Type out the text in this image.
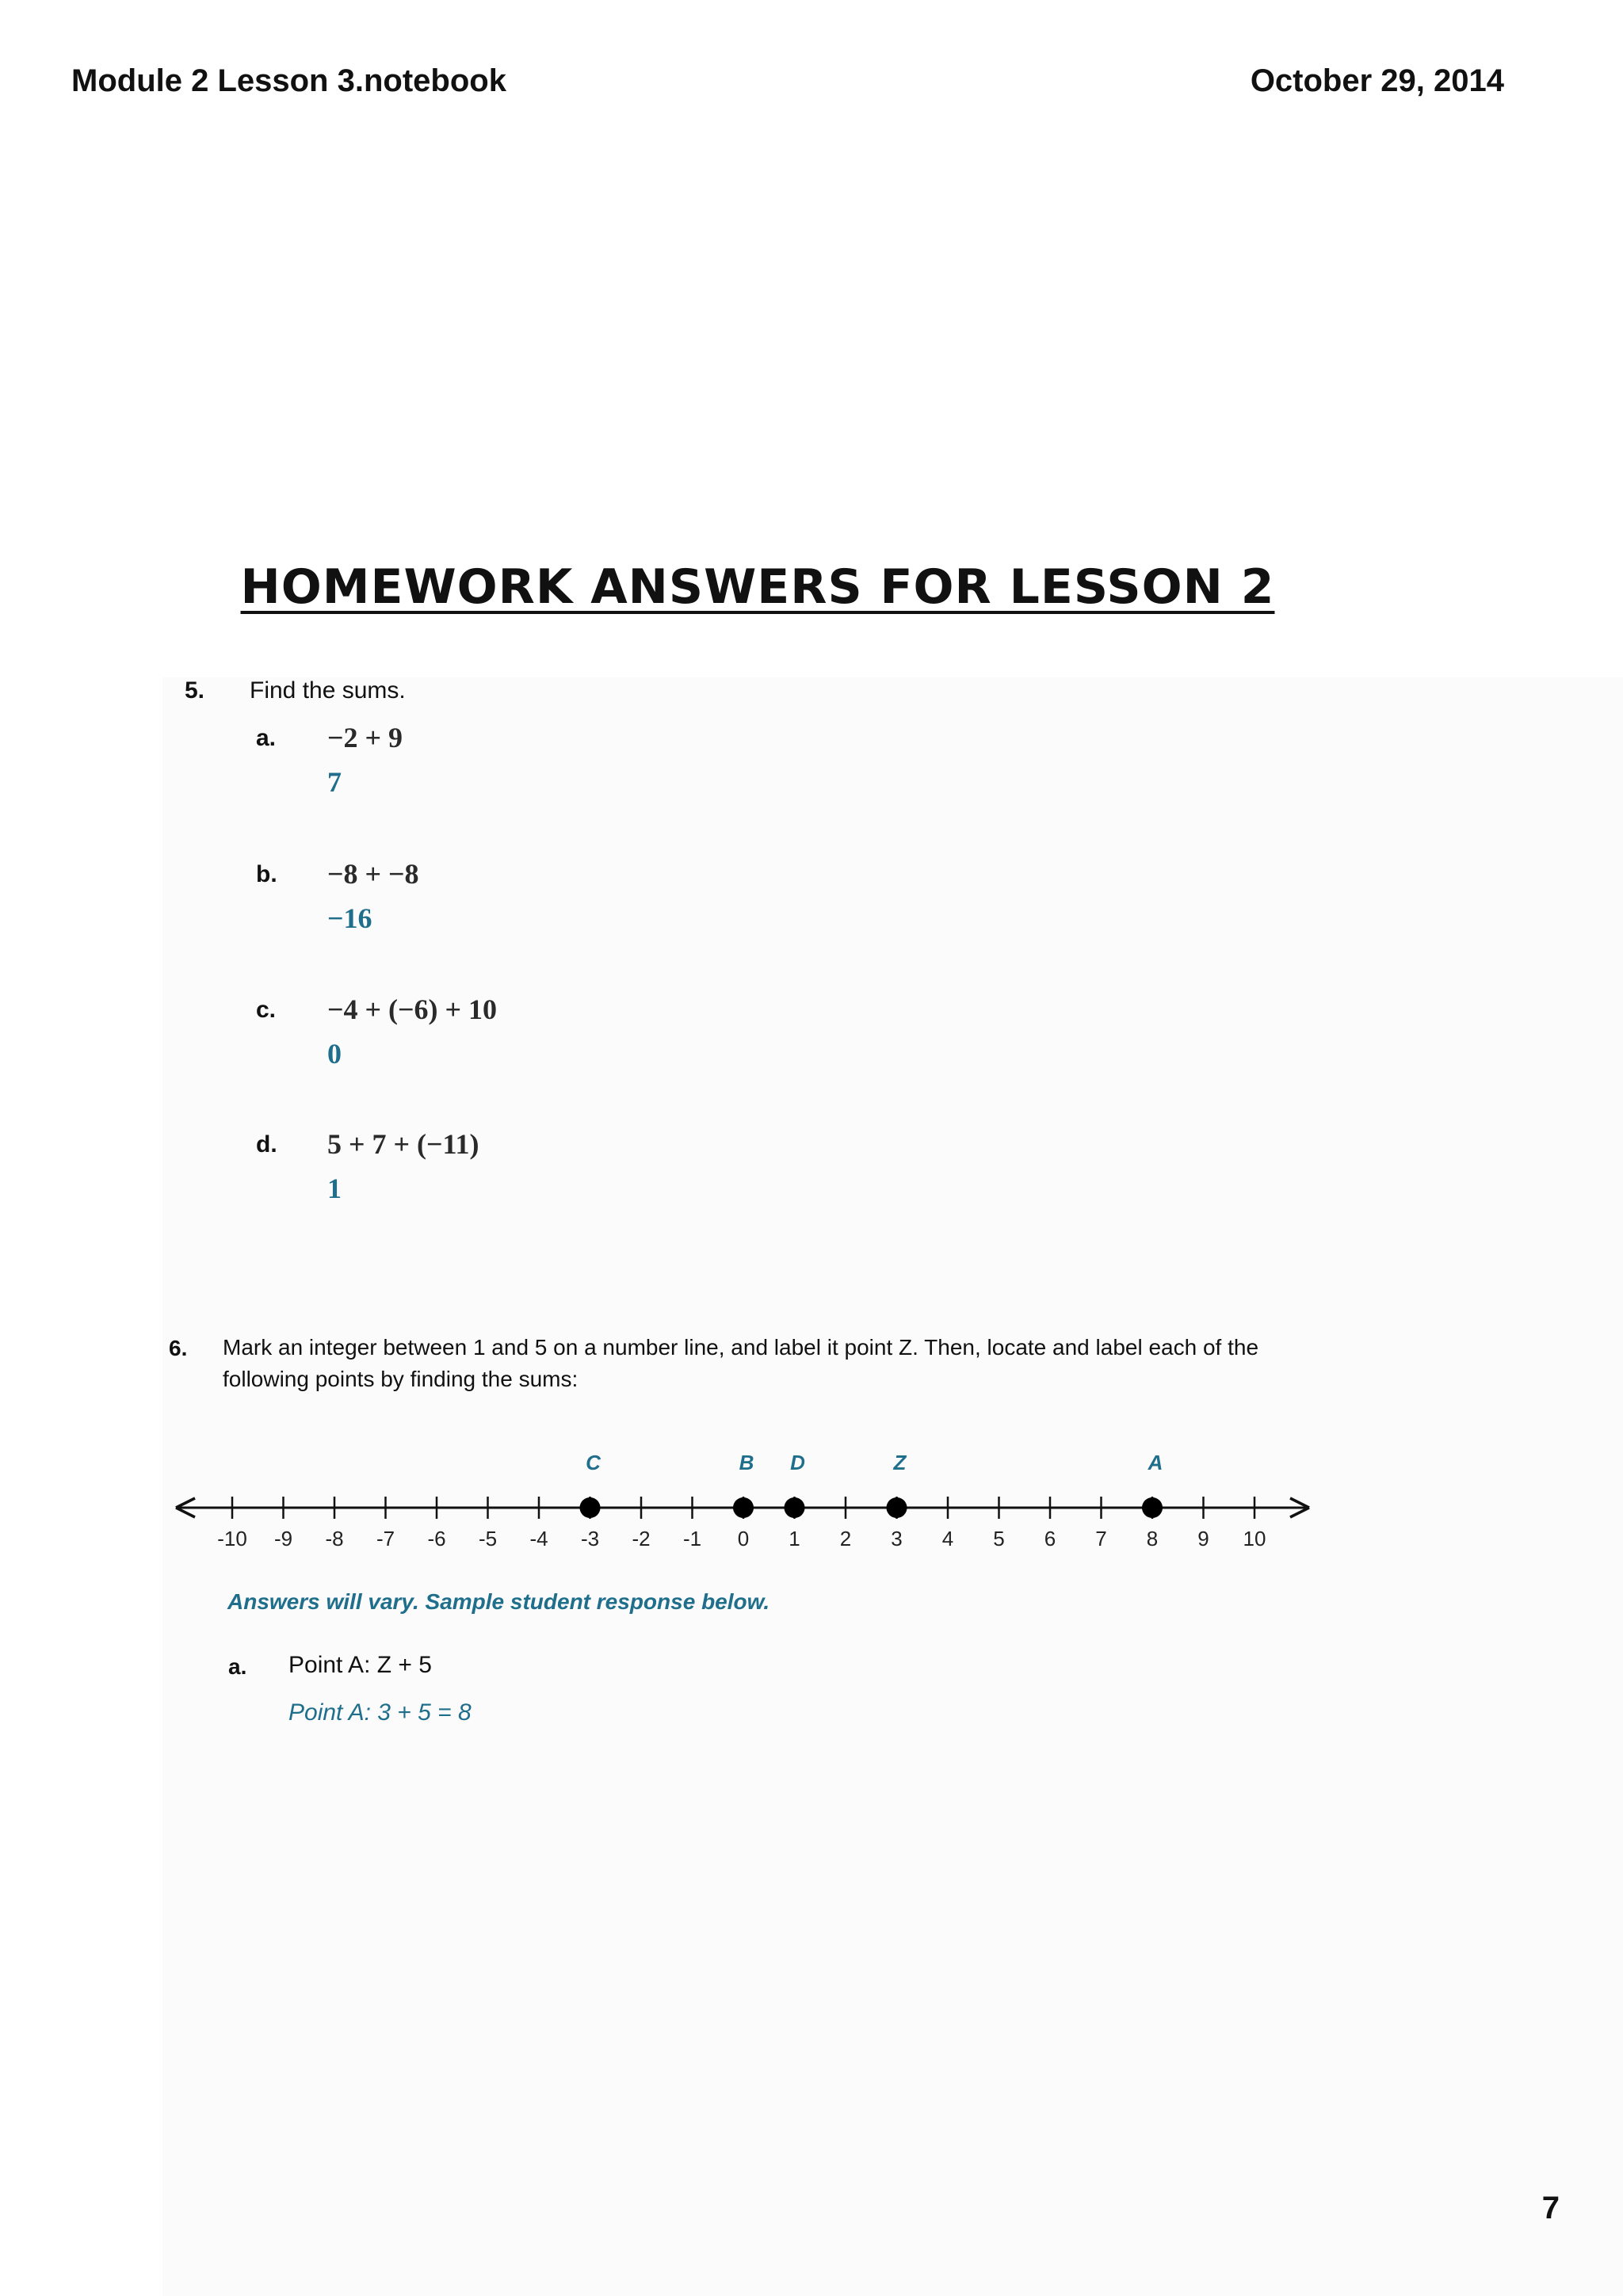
Module 2 Lesson 3.notebook	October 29, 2014
HOMEWORK ANSWERS FOR LESSON 2
5. Find the sums.
a. −2 + 9
7
b. −8 + −8
−16
c. −4 + (−6) + 10
0
d. 5 + 7 + (−11)
1
6. Mark an integer between 1 and 5 on a number line, and label it point Z. Then, locate and label each of the
following points by finding the sums:
-10 -9 -8 -7 -6 -5 -4 -3 -2 -1 0 1 2 3 4 5 6 7 8 9 10
C	B D	Z	A
Answers will vary. Sample student response below.
a. Point A: Z + 5
Point A: 3 + 5 = 8
7
